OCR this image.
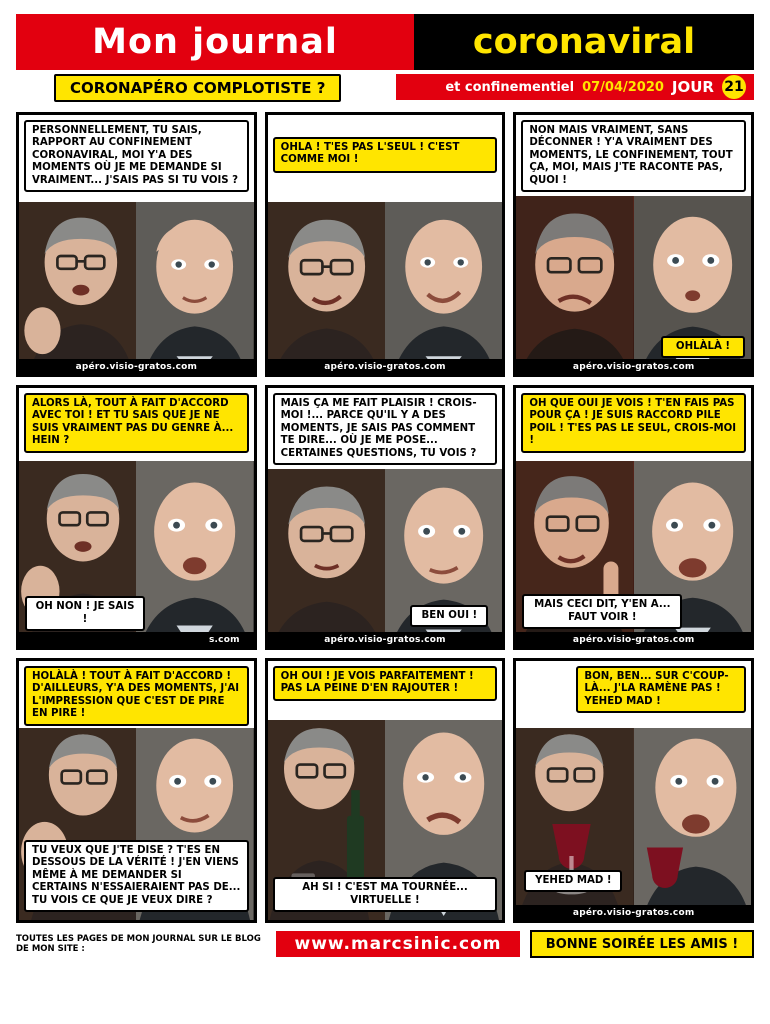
Mon journal	coronaviral
CORONAPÉRO COMPLOTISTE ?	et confinementiel 07/04/2020 JOUR 21
PERSONNELLEMENT, TU SAIS, RAPPORT AU CONFINEMENT CORONAVIRAL, MOI Y'A DES MOMENTS OÙ JE ME DEMANDE SI VRAIMENT... J'SAIS PAS SI TU VOIS ?
apéro.visio-gratos.com
OHLA ! T'ES PAS L'SEUL ! C'EST COMME MOI !
apéro.visio-gratos.com
NON MAIS VRAIMENT, SANS DÉCONNER ! Y'A VRAIMENT DES MOMENTS, LE CONFINEMENT, TOUT ÇA, MOI, MAIS J'TE RACONTE PAS, QUOI !
OHLÀLÀ !
apéro.visio-gratos.com
ALORS LÀ, TOUT À FAIT D'ACCORD AVEC TOI ! ET TU SAIS QUE JE NE SUIS VRAIMENT PAS DU GENRE À... HEIN ?
OH NON ! JE SAIS !
s.com
MAIS ÇA ME FAIT PLAISIR ! CROIS-MOI !... PARCE QU'IL Y A DES MOMENTS, JE SAIS PAS COMMENT TE DIRE... OÙ JE ME POSE... CERTAINES QUESTIONS, TU VOIS ?
BEN OUI !
apéro.visio-gratos.com
OH QUE OUI JE VOIS ! T'EN FAIS PAS POUR ÇA ! JE SUIS RACCORD PILE POIL ! T'ES PAS LE SEUL, CROIS-MOI !
MAIS CECI DIT, Y'EN A... FAUT VOIR !
apéro.visio-gratos.com
HOLÀLÀ ! TOUT À FAIT D'ACCORD ! D'AILLEURS, Y'A DES MOMENTS, J'AI L'IMPRESSION QUE C'EST DE PIRE EN PIRE !
TU VEUX QUE J'TE DISE ? T'ES EN DESSOUS DE LA VÉRITÉ ! J'EN VIENS MÊME À ME DEMANDER SI CERTAINS N'ESSAIERAIENT PAS DE... TU VOIS CE QUE JE VEUX DIRE ?
OH OUI ! JE VOIS PARFAITEMENT ! PAS LA PEINE D'EN RAJOUTER !
AH SI ! C'EST MA TOURNÉE... VIRTUELLE !
BON, BEN... SUR C'COUP-LÀ... J'LA RAMÈNE PAS ! YEHED MAD !
YEHED MAD !
apéro.visio-gratos.com
TOUTES LES PAGES DE MON JOURNAL SUR LE BLOG DE MON SITE :	www.marcsinic.com	BONNE SOIRÉE LES AMIS !
